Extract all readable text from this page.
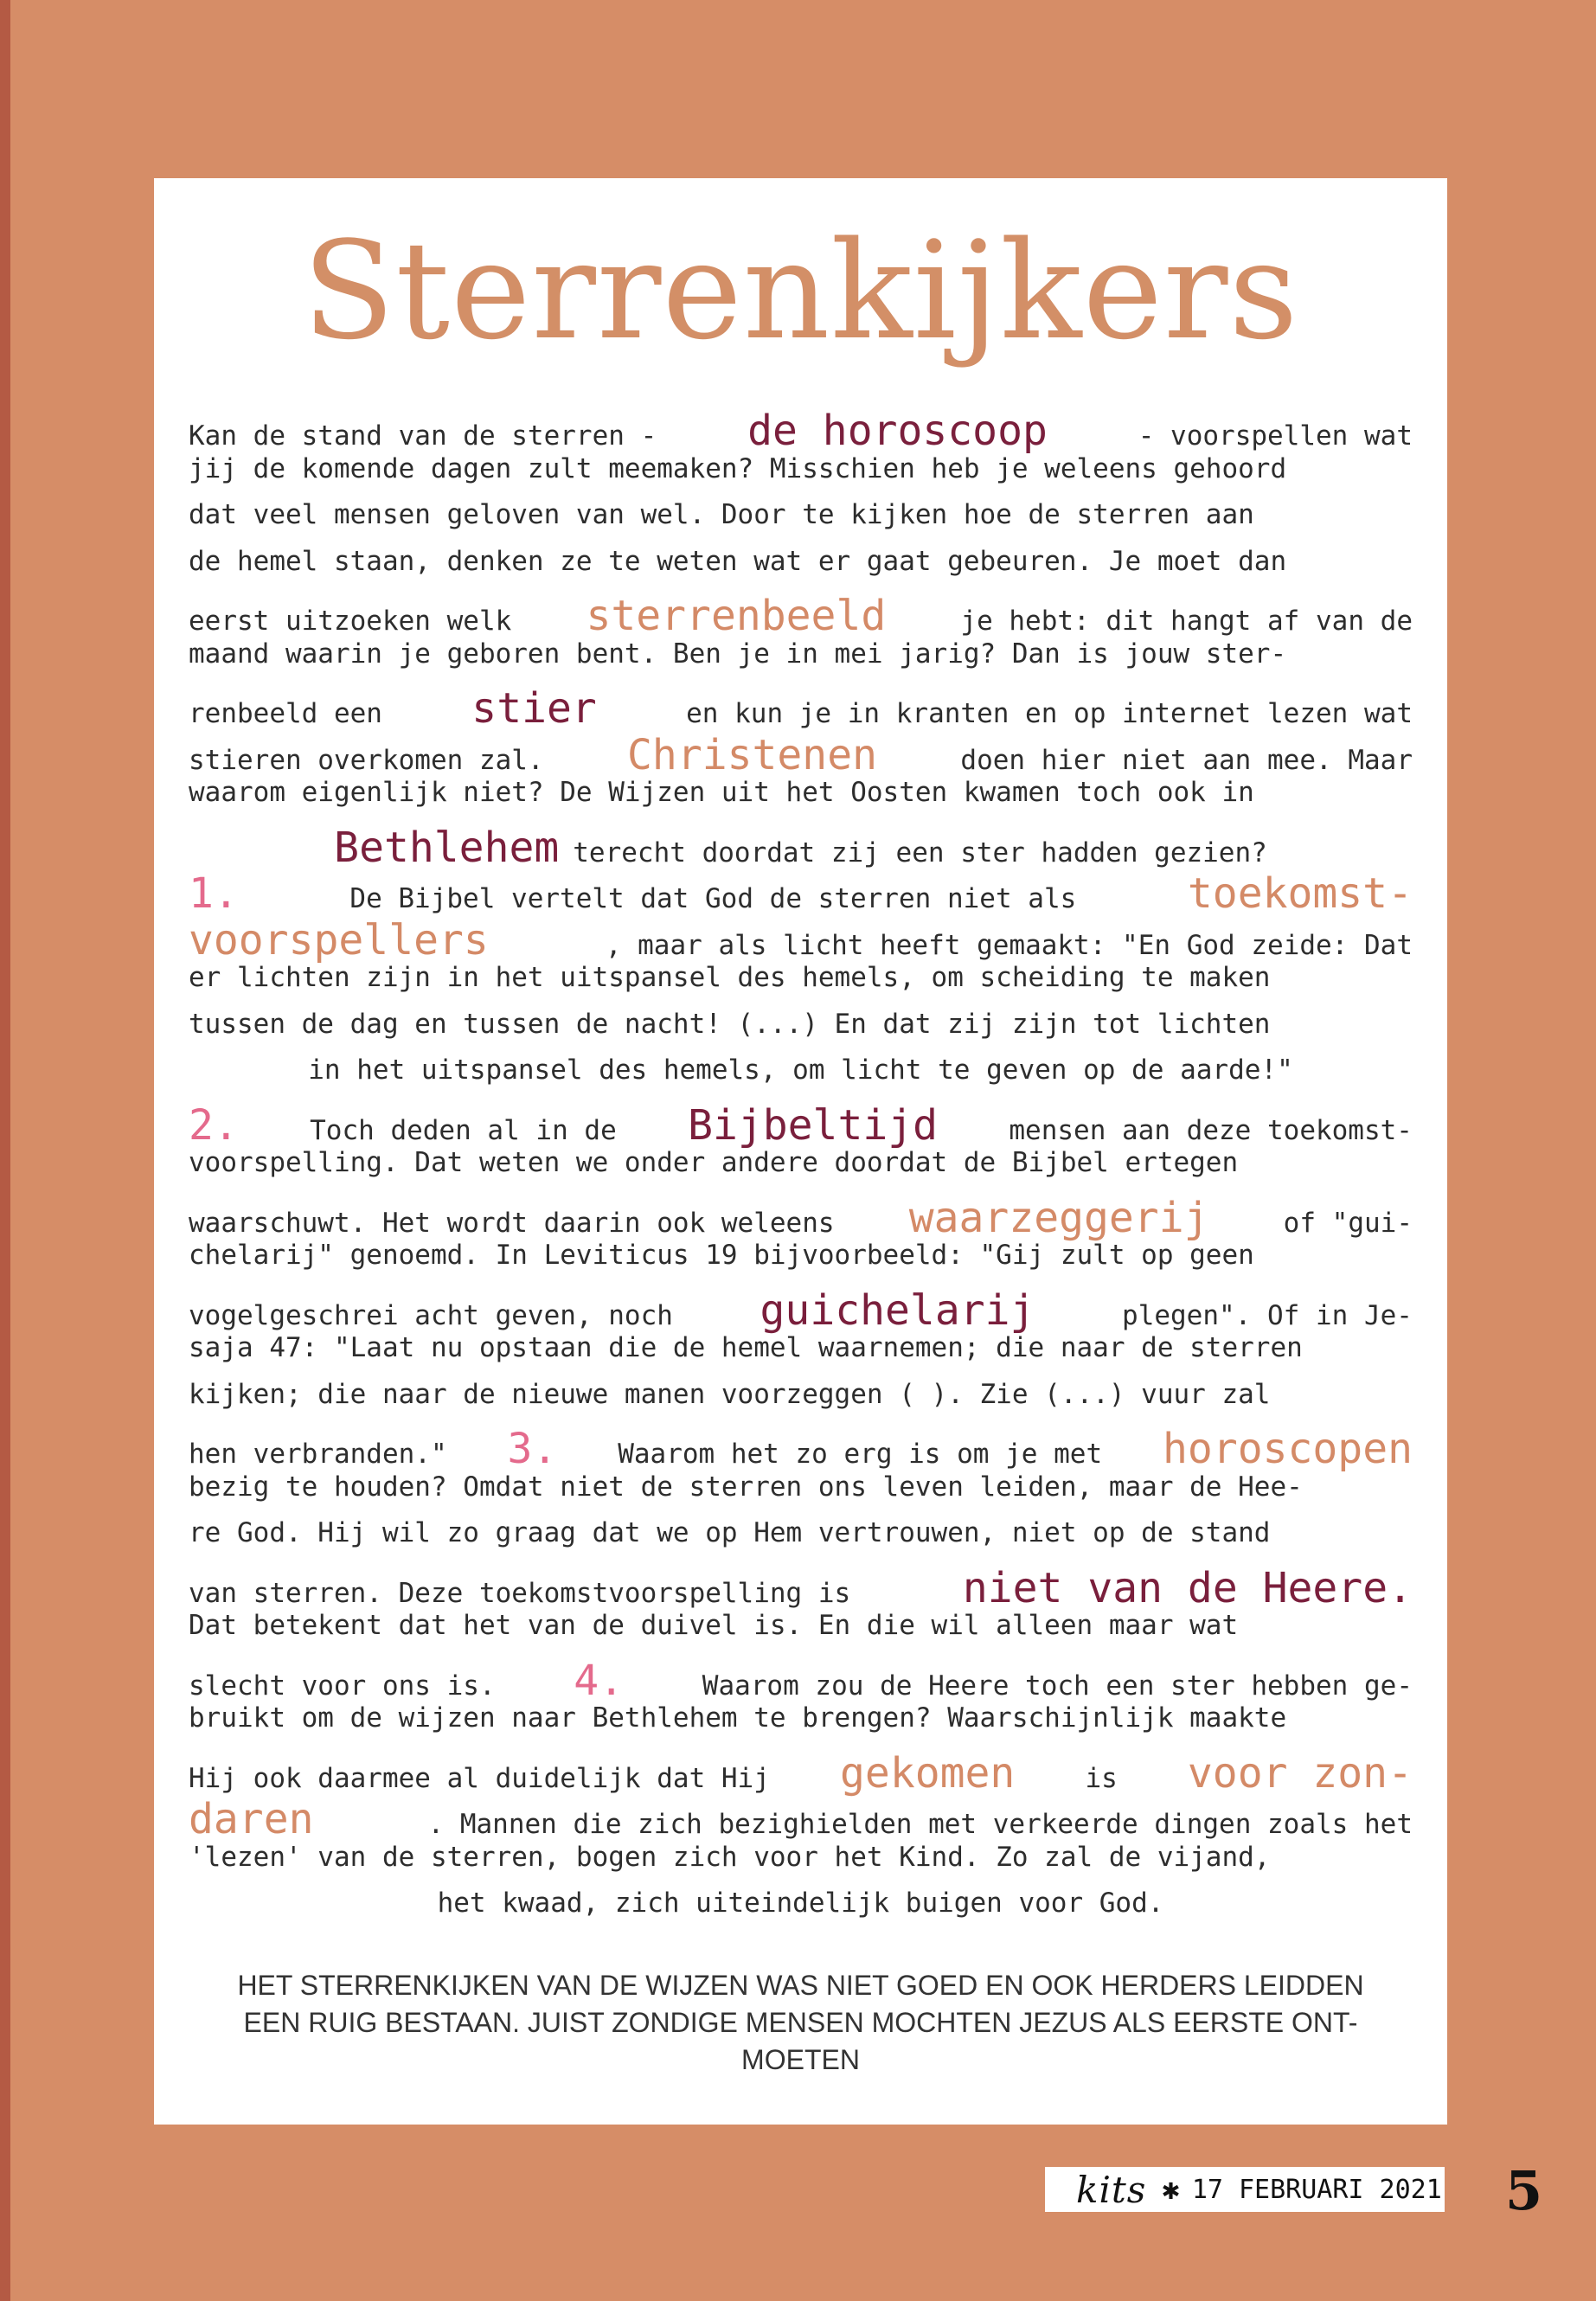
Sterrenkijkers
Kan de stand van de sterren - de horoscoop	- voorspellen wat
jij de komende dagen zult meemaken? Misschien heb je weleens gehoord
dat veel mensen geloven van wel. Door te kijken hoe de sterren aan
de hemel staan, denken ze te weten wat er gaat gebeuren. Je moet dan
eerst uitzoeken welk sterrenbeeld	je hebt: dit hangt af van de
maand waarin je geboren bent. Ben je in mei jarig? Dan is jouw ster-
renbeeld een stier	en kun je in kranten en op internet lezen wat
stieren overkomen zal. Christenen	doen hier niet aan mee. Maar
waarom eigenlijk niet? De Wijzen uit het Oosten kwamen toch ook in
Bethlehem terecht doordat zij een ster hadden gezien?
1.	De Bijbel vertelt dat God de sterren niet als	toekomst-
voorspellers	, maar als licht heeft gemaakt: "En God zeide: Dat
er lichten zijn in het uitspansel des hemels, om scheiding te maken
tussen de dag en tussen de nacht! (...) En dat zij zijn tot lichten
in het uitspansel des hemels, om licht te geven op de aarde!"
2.	Toch deden al in de Bijbeltijd	mensen aan deze toekomst-
voorspelling. Dat weten we onder andere doordat de Bijbel ertegen
waarschuwt. Het wordt daarin ook weleens waarzeggerij	of "gui-
chelarij" genoemd. In Leviticus 19 bijvoorbeeld: "Gij zult op geen
vogelgeschrei acht geven, noch guichelarij	plegen". Of in Je-
saja 47: "Laat nu opstaan die de hemel waarnemen; die naar de sterren
kijken; die naar de nieuwe manen voorzeggen ( ). Zie (...) vuur zal
hen verbranden." 3. Waarom het zo erg is om je met horoscopen
bezig te houden? Omdat niet de sterren ons leven leiden, maar de Hee-
re God. Hij wil zo graag dat we op Hem vertrouwen, niet op de stand
van sterren. Deze toekomstvoorspelling is	niet van de Heere.
Dat betekent dat het van de duivel is. En die wil alleen maar wat
slecht voor ons is. 4.	Waarom zou de Heere toch een ster hebben ge-
bruikt om de wijzen naar Bethlehem te brengen? Waarschijnlijk maakte
Hij ook daarmee al duidelijk dat Hij gekomen	is voor zon-
daren	. Mannen die zich bezighielden met verkeerde dingen zoals het
'lezen' van de sterren, bogen zich voor het Kind. Zo zal de vijand,
het kwaad, zich uiteindelijk buigen voor God.
HET STERRENKIJKEN VAN DE WIJZEN WAS NIET GOED EN OOK HERDERS LEIDDEN
EEN RUIG BESTAAN. JUIST ZONDIGE MENSEN MOCHTEN JEZUS ALS EERSTE ONT-
MOETEN
kits ✱ 17 FEBRUARI 2021 5
